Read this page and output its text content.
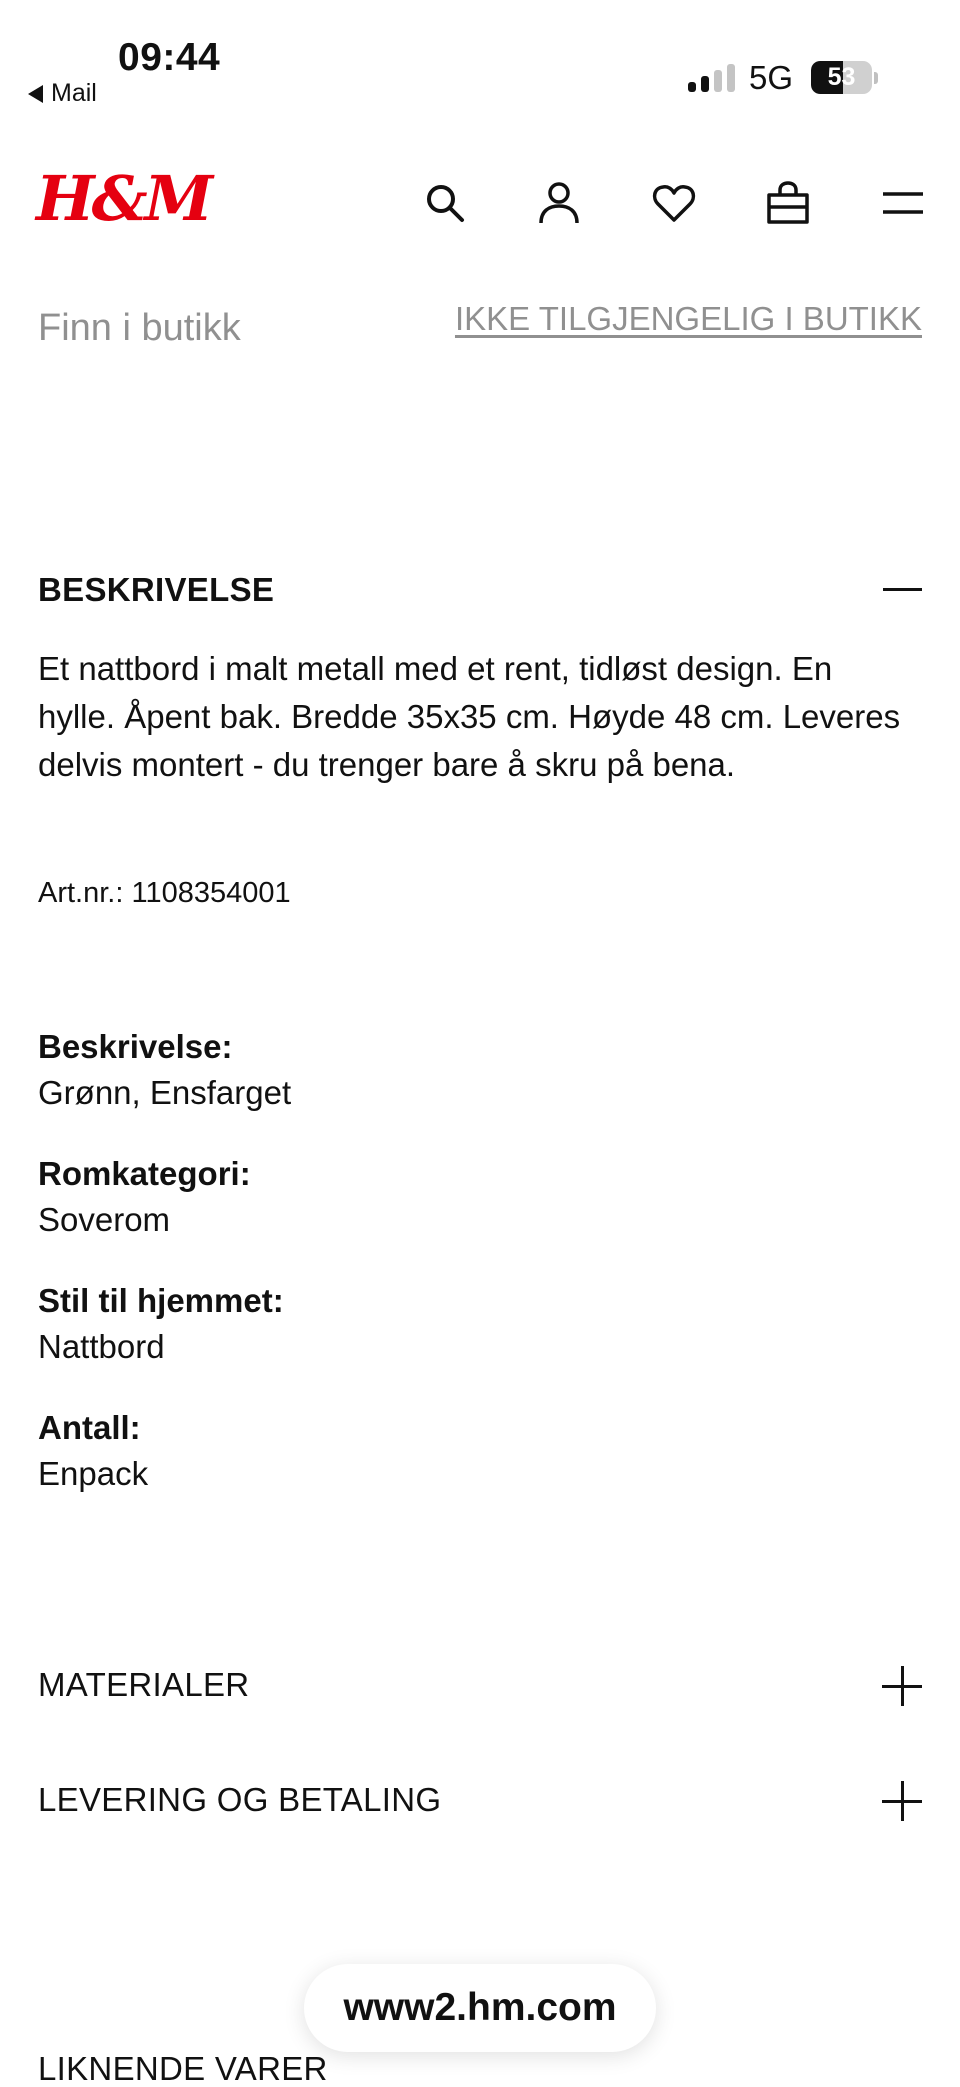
09:44
Mail	5G	53
H&M
Finn i butikk	IKKE TILGJENGELIG I BUTIKK
BESKRIVELSE

Et nattbord i malt metall med et rent, tidløst design. En hylle. Åpent bak. Bredde 35x35 cm. Høyde 48 cm. Leveres delvis montert - du trenger bare å skru på bena.

Art.nr.: 1108354001
Beskrivelse:
Grønn, Ensfarget
Romkategori:
Soverom
Stil til hjemmet:
Nattbord
Antall:
Enpack
MATERIALER
LEVERING OG BETALING
LIKNENDE VARER
www2.hm.com
